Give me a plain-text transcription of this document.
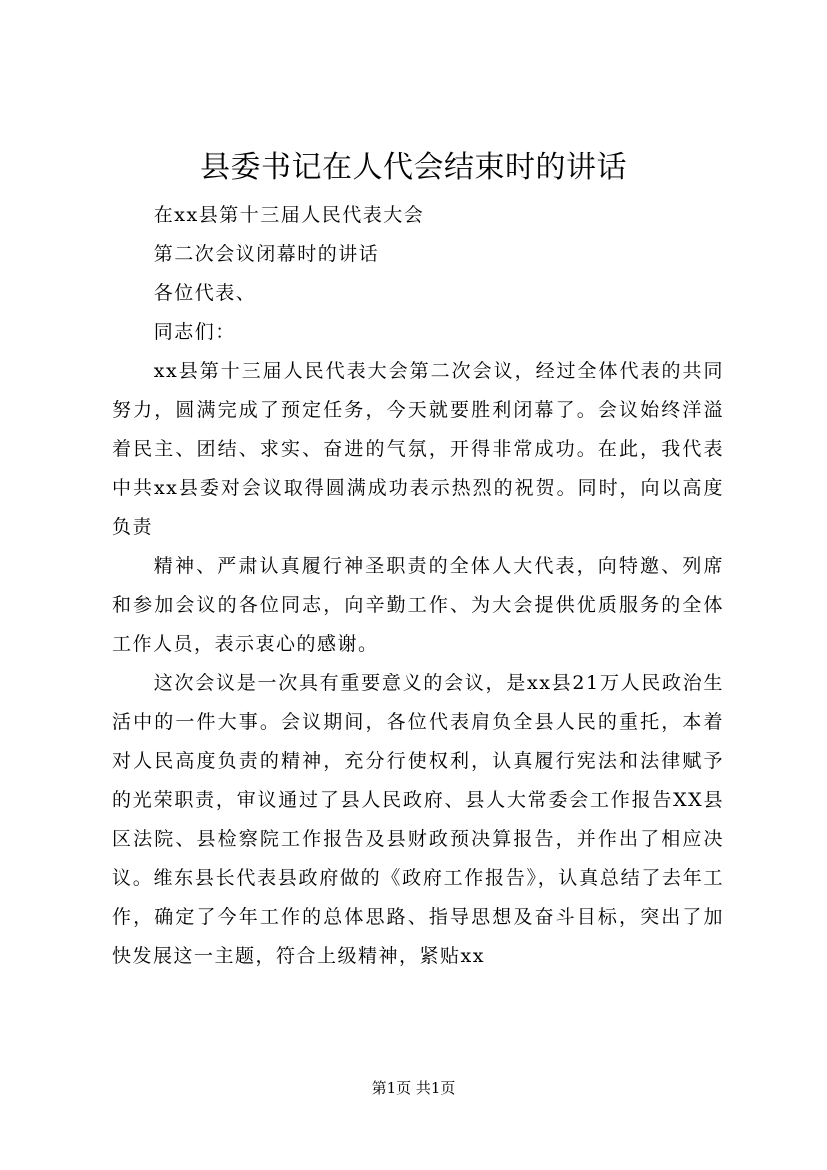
县委书记在人代会结束时的讲话

在xx县第十三届人民代表大会

第二次会议闭幕时的讲话

各位代表、

同志们：

xx县第十三届人民代表大会第二次会议，经过全体代表的共同努力，圆满完成了预定任务，今天就要胜利闭幕了。会议始终洋溢着民主、团结、求实、奋进的气氛，开得非常成功。在此，我代表中共xx县委对会议取得圆满成功表示热烈的祝贺。同时，向以高度负责

精神、严肃认真履行神圣职责的全体人大代表，向特邀、列席和参加会议的各位同志，向辛勤工作、为大会提供优质服务的全体工作人员，表示衷心的感谢。

这次会议是一次具有重要意义的会议，是xx县21万人民政治生活中的一件大事。会议期间，各位代表肩负全县人民的重托，本着对人民高度负责的精神，充分行使权利，认真履行宪法和法律赋予的光荣职责，审议通过了县人民政府、县人大常委会工作报告XX县区法院、县检察院工作报告及县财政预决算报告，并作出了相应决议。维东县长代表县政府做的《政府工作报告》，认真总结了去年工作，确定了今年工作的总体思路、指导思想及奋斗目标，突出了加快发展这一主题，符合上级精神，紧贴xx

第1页 共1页
